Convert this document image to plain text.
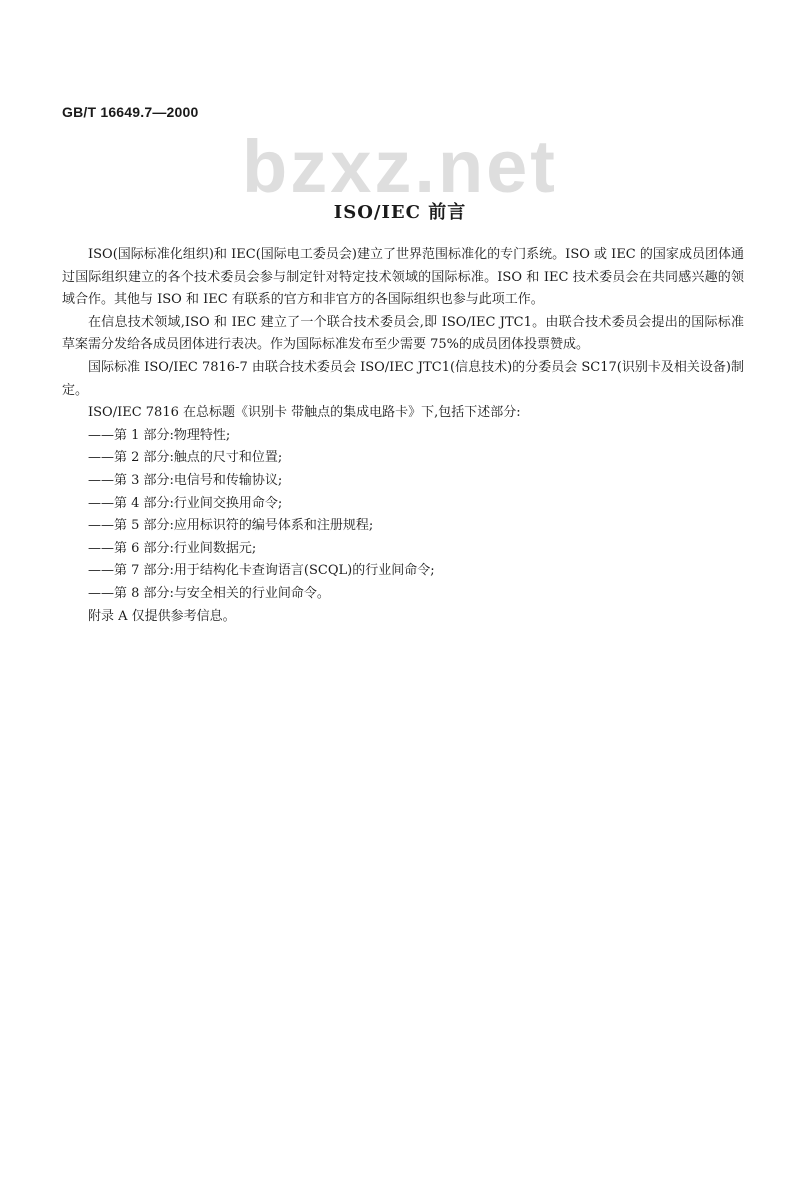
GB/T 16649.7—2000
bzxz.net
ISO/IEC 前言

ISO(国际标准化组织)和 IEC(国际电工委员会)建立了世界范围标准化的专门系统。ISO 或 IEC 的国家成员团体通过国际组织建立的各个技术委员会参与制定针对特定技术领域的国际标准。ISO 和 IEC 技术委员会在共同感兴趣的领域合作。其他与 ISO 和 IEC 有联系的官方和非官方的各国际组织也参与此项工作。

在信息技术领域,ISO 和 IEC 建立了一个联合技术委员会,即 ISO/IEC JTC1。由联合技术委员会提出的国际标准草案需分发给各成员团体进行表决。作为国际标准发布至少需要 75%的成员团体投票赞成。

国际标准 ISO/IEC 7816-7 由联合技术委员会 ISO/IEC JTC1(信息技术)的分委员会 SC17(识别卡及相关设备)制定。

ISO/IEC 7816 在总标题《识别卡 带触点的集成电路卡》下,包括下述部分:

——第 1 部分:物理特性;
——第 2 部分:触点的尺寸和位置;
——第 3 部分:电信号和传输协议;
——第 4 部分:行业间交换用命令;
——第 5 部分:应用标识符的编号体系和注册规程;
——第 6 部分:行业间数据元;
——第 7 部分:用于结构化卡查询语言(SCQL)的行业间命令;
——第 8 部分:与安全相关的行业间命令。

附录 A 仅提供参考信息。
